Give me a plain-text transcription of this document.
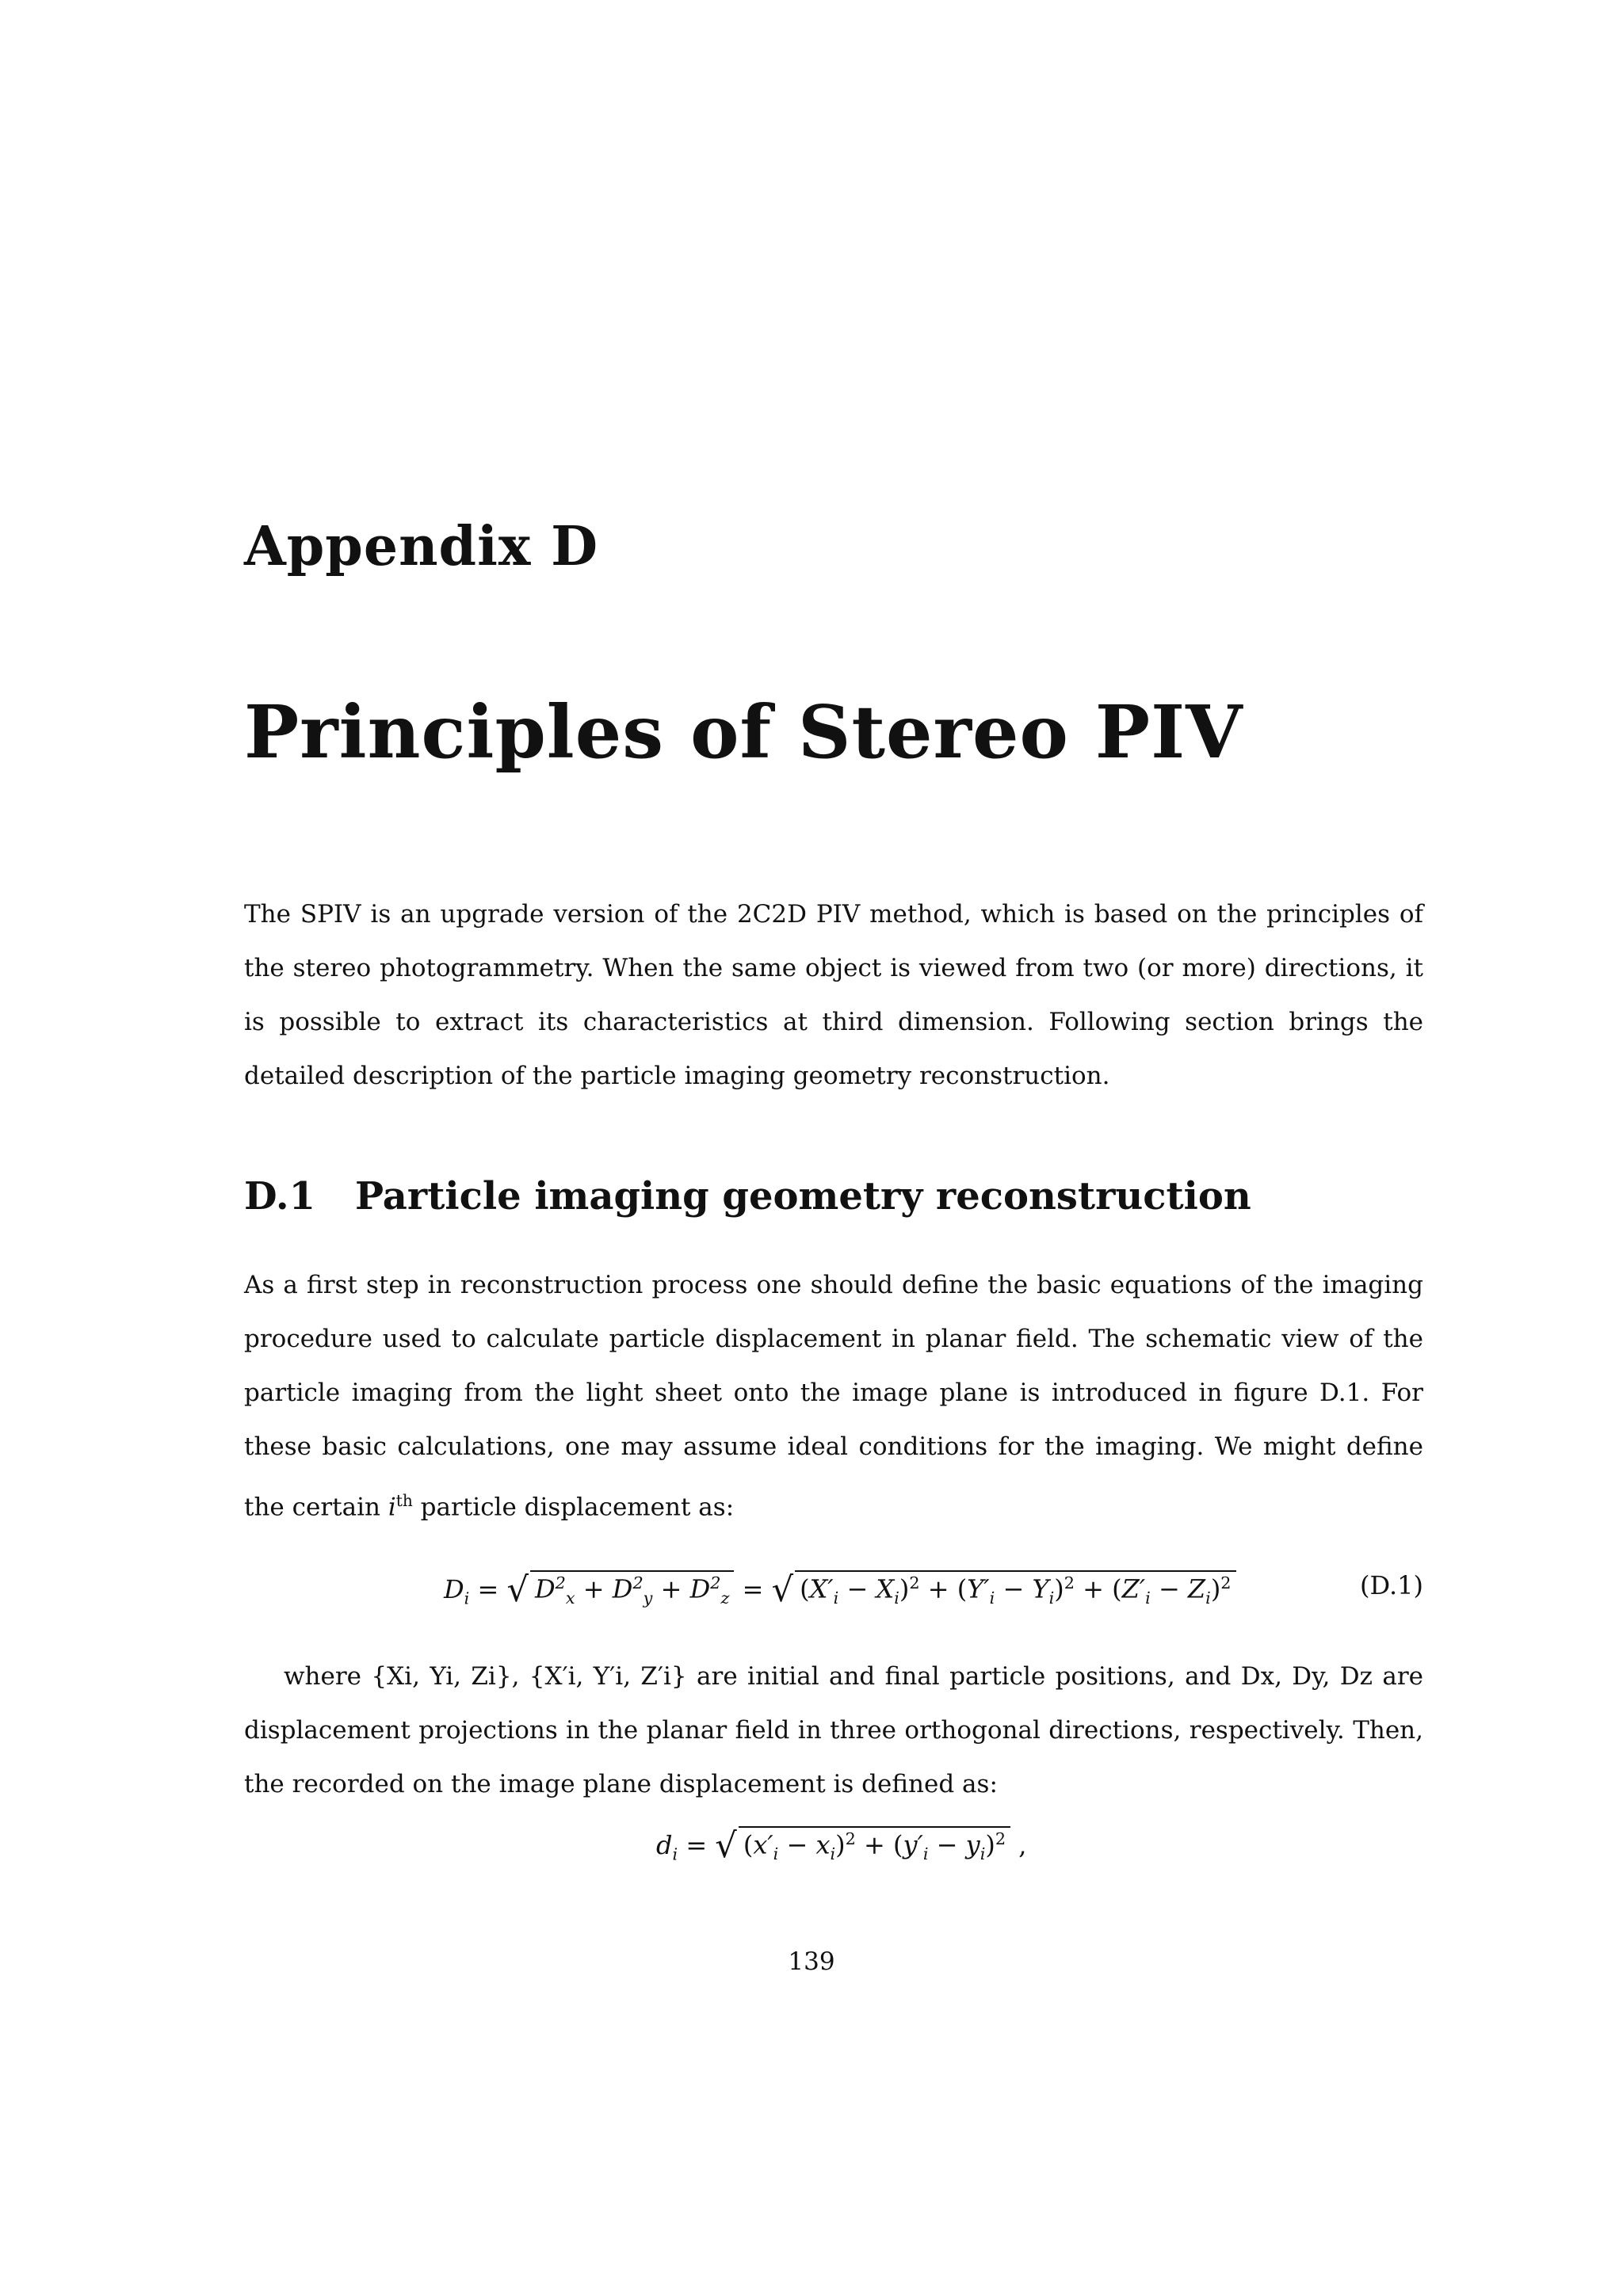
Appendix D
Principles of Stereo PIV

The SPIV is an upgrade version of the 2C2D PIV method, which is based on the principles of the stereo photogrammetry. When the same object is viewed from two (or more) directions, it is possible to extract its characteristics at third dimension. Following section brings the detailed description of the particle imaging geometry reconstruction.

D.1 Particle imaging geometry reconstruction

As a first step in reconstruction process one should define the basic equations of the imaging procedure used to calculate particle displacement in planar field. The schematic view of the particle imaging from the light sheet onto the image plane is introduced in figure D.1. For these basic calculations, one may assume ideal conditions for the imaging. We might define the certain $i^{th}$ particle displacement as:

$D_i$ = √ $D^2_x + D^2_y + D^2_z$ = √ $(X'_i - X_i)^2 + (Y'_i - Y_i)^2 + (Z'_i - Z_i)^2$	(D.1)

where {Xi, Yi, Zi}, {X′i, Y′i, Z′i} are initial and final particle positions, and Dx, Dy, Dz are displacement projections in the planar field in three orthogonal directions, respectively. Then, the recorded on the image plane displacement is defined as:

$d_i$ = √ $(x'_i - x_i)^2 + (y'_i - y_i)^2$ ,
139
